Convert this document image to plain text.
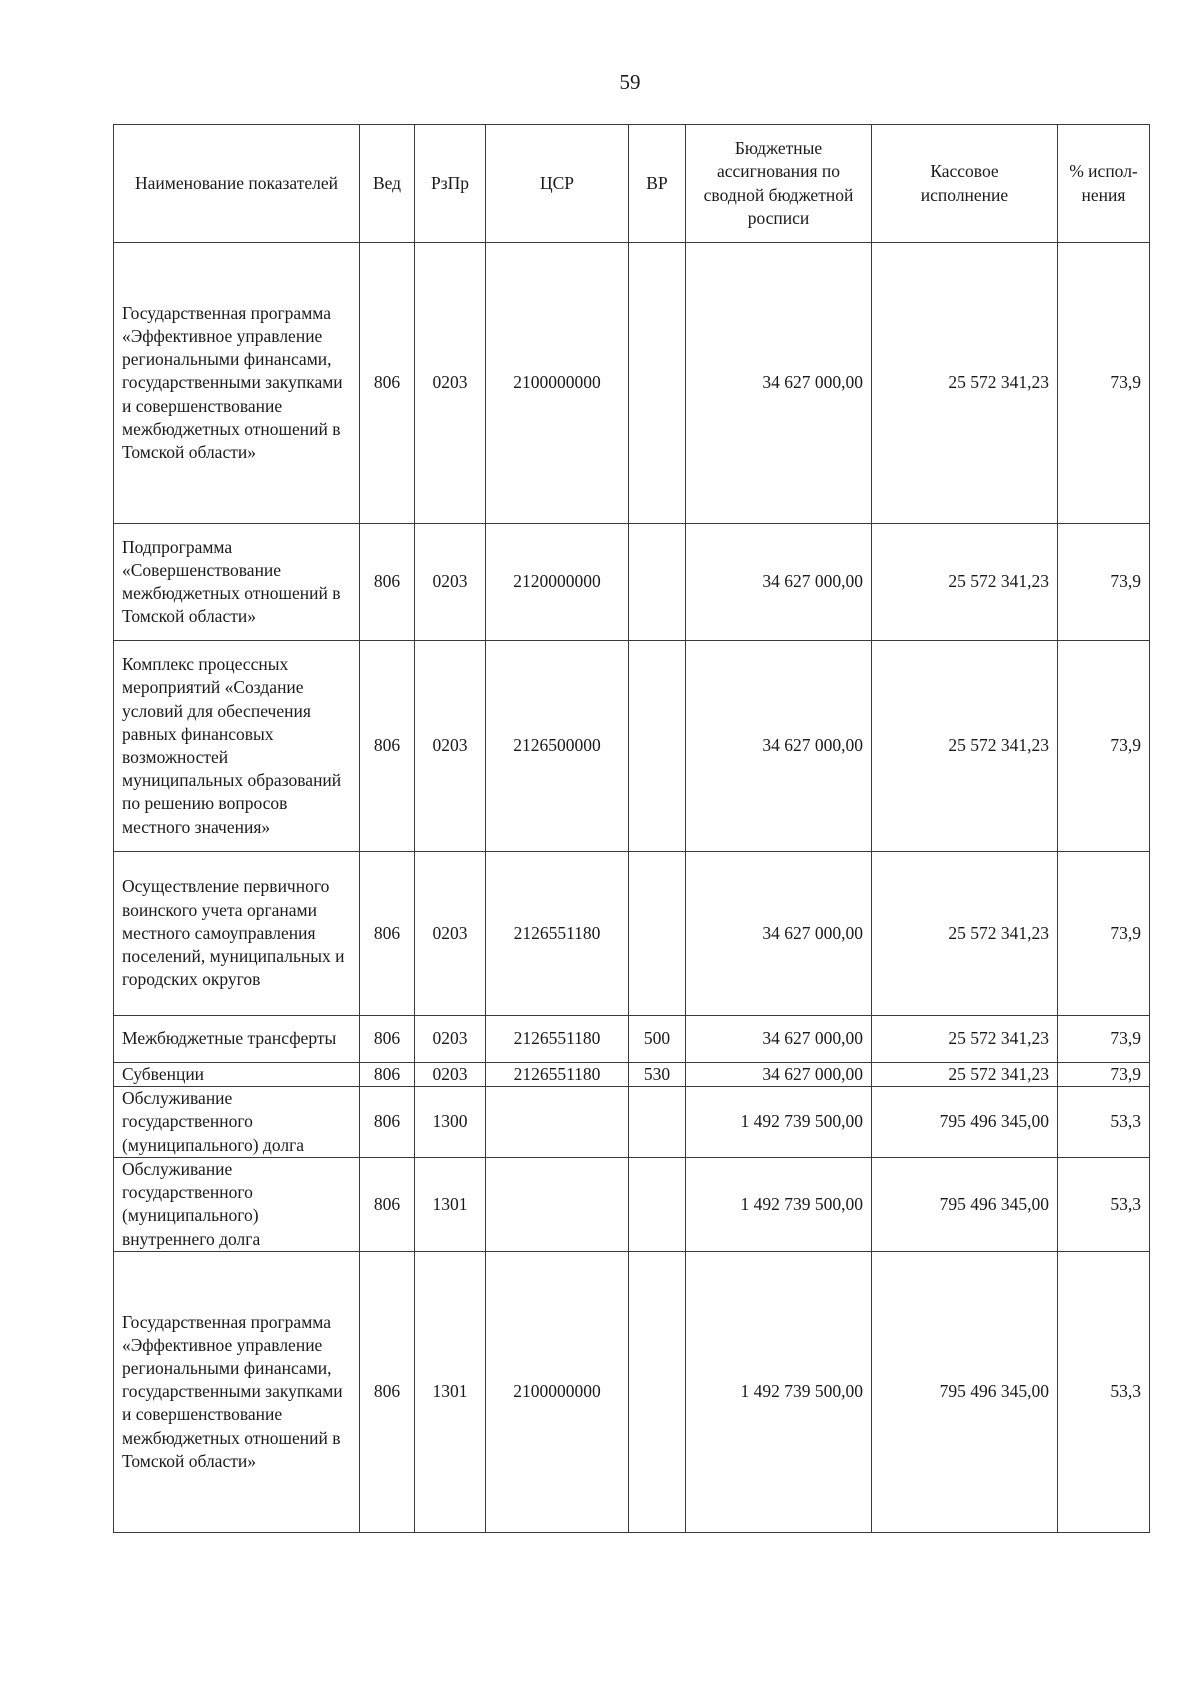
59
Наименование показателей	Вед	РзПр	ЦСР	ВР	Бюджетные ассигнования по сводной бюджетной росписи	Кассовое исполнение	% испол-нения
Государственная программа «Эффективное управление региональными финансами, государственными закупками и совершенствование межбюджетных отношений в Томской области»	806	0203	2100000000		34 627 000,00	25 572 341,23	73,9
Подпрограмма «Совершенствование межбюджетных отношений в Томской области»	806	0203	2120000000		34 627 000,00	25 572 341,23	73,9
Комплекс процессных мероприятий «Создание условий для обеспечения равных финансовых возможностей муниципальных образований по решению вопросов местного значения»	806	0203	2126500000		34 627 000,00	25 572 341,23	73,9
Осуществление первичного воинского учета органами местного самоуправления поселений, муниципальных и городских округов	806	0203	2126551180		34 627 000,00	25 572 341,23	73,9
Межбюджетные трансферты	806	0203	2126551180	500	34 627 000,00	25 572 341,23	73,9
Субвенции	806	0203	2126551180	530	34 627 000,00	25 572 341,23	73,9
Обслуживание государственного (муниципального) долга	806	1300			1 492 739 500,00	795 496 345,00	53,3
Обслуживание государственного (муниципального) внутреннего долга	806	1301			1 492 739 500,00	795 496 345,00	53,3
Государственная программа «Эффективное управление региональными финансами, государственными закупками и совершенствование межбюджетных отношений в Томской области»	806	1301	2100000000		1 492 739 500,00	795 496 345,00	53,3
